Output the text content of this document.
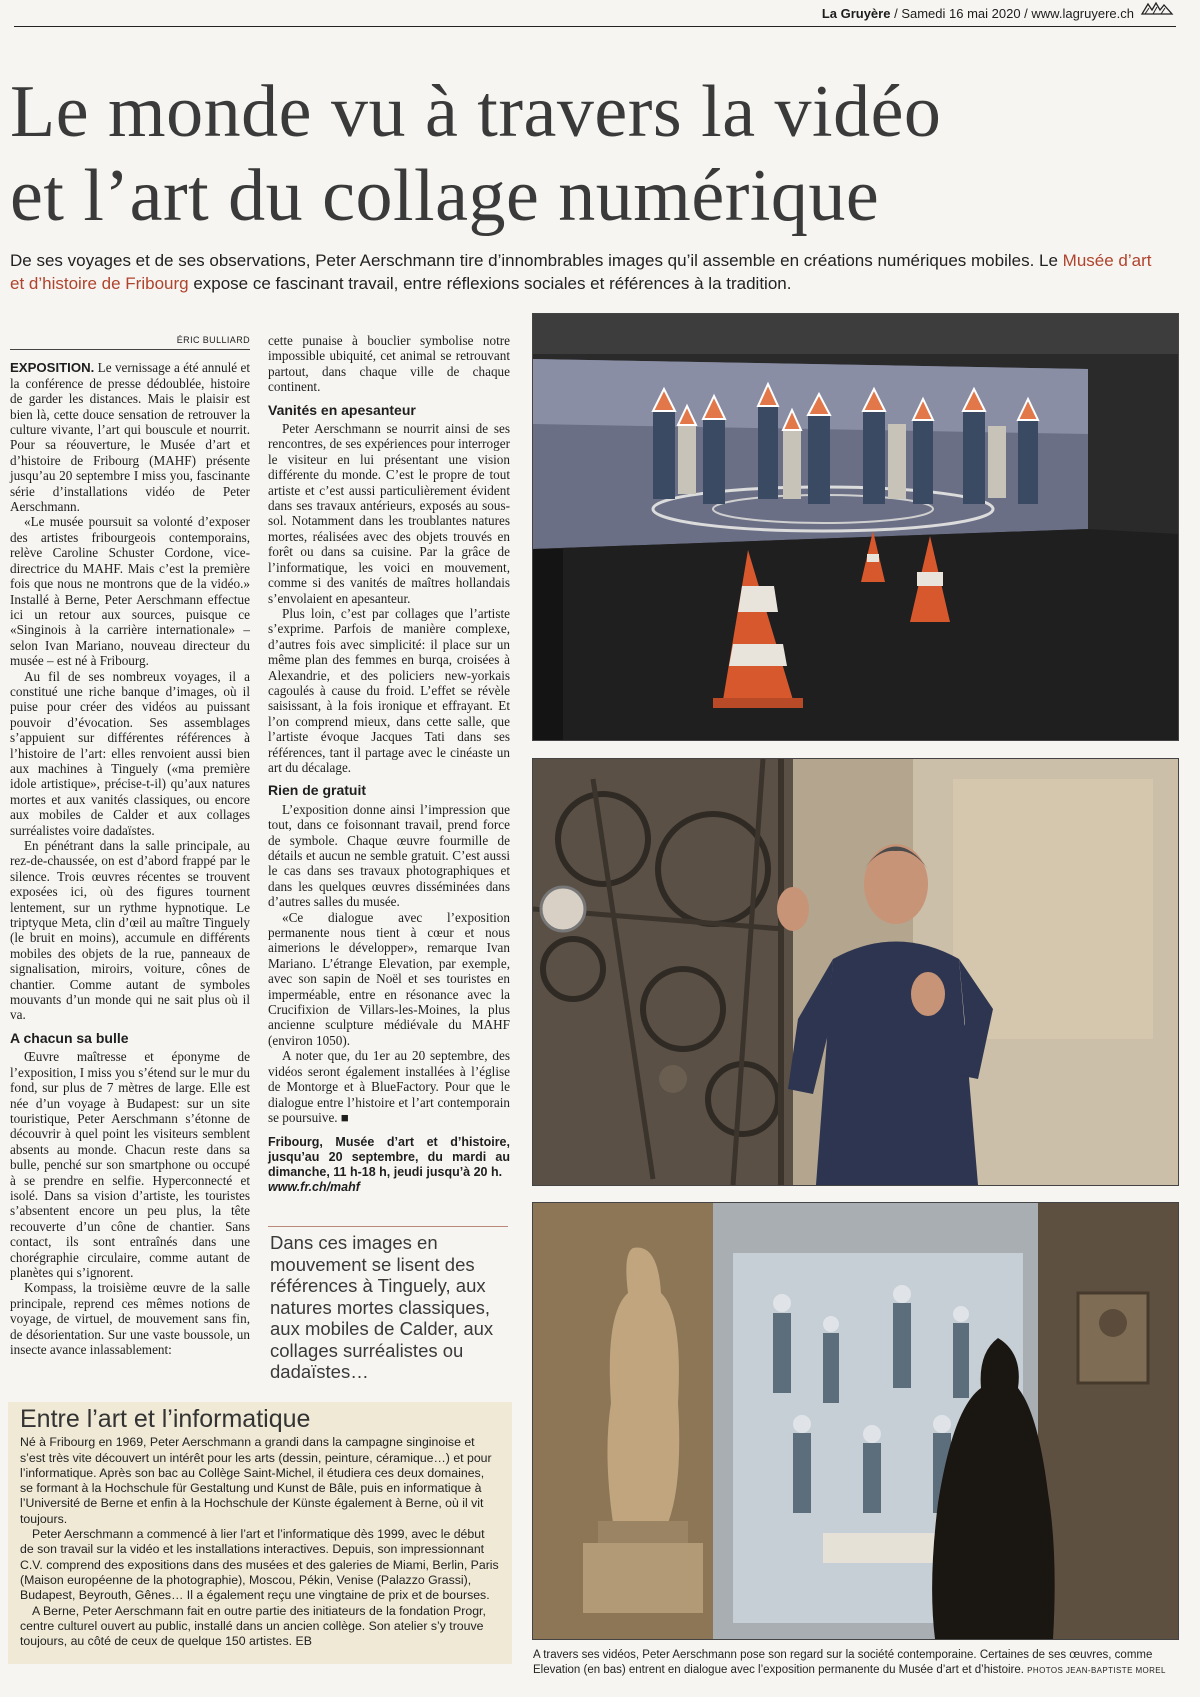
La Gruyère / Samedi 16 mai 2020 / www.lagruyere.ch
Le monde vu à travers la vidéo
et l’art du collage numérique
De ses voyages et de ses observations, Peter Aerschmann tire d’innombrables images qu’il assemble en créations numériques mobiles. Le Musée d’art et d’histoire de Fribourg expose ce fascinant travail, entre réflexions sociales et références à la tradition.
ÉRIC BULLIARD

EXPOSITION. Le vernissage a été annulé et la conférence de presse dédoublée, histoire de garder les distances. Mais le plaisir est bien là, cette douce sensation de retrouver la culture vivante, l’art qui bouscule et nourrit. Pour sa réouverture, le Musée d’art et d’histoire de Fribourg (MAHF) présente jusqu’au 20 septembre I miss you, fascinante série d’installations vidéo de Peter Aerschmann.

«Le musée poursuit sa volonté d’exposer des artistes fribourgeois contemporains, relève Caroline Schuster Cordone, vice-directrice du MAHF. Mais c’est la première fois que nous ne montrons que de la vidéo.» Installé à Berne, Peter Aerschmann effectue ici un retour aux sources, puisque ce «Singinois à la carrière internationale» – selon Ivan Mariano, nouveau directeur du musée – est né à Fribourg.

Au fil de ses nombreux voyages, il a constitué une riche banque d’images, où il puise pour créer des vidéos au puissant pouvoir d’évocation. Ses assemblages s’appuient sur différentes références à l’histoire de l’art: elles renvoient aussi bien aux machines à Tinguely («ma première idole artistique», précise-t-il) qu’aux natures mortes et aux vanités classiques, ou encore aux mobiles de Calder et aux collages surréalistes voire dadaïstes.

En pénétrant dans la salle principale, au rez-de-chaussée, on est d’abord frappé par le silence. Trois œuvres récentes se trouvent exposées ici, où des figures tournent lentement, sur un rythme hypnotique. Le triptyque Meta, clin d’œil au maître Tinguely (le bruit en moins), accumule en différents mobiles des objets de la rue, panneaux de signalisation, miroirs, voiture, cônes de chantier. Comme autant de symboles mouvants d’un monde qui ne sait plus où il va.

A chacun sa bulle

Œuvre maîtresse et éponyme de l’exposition, I miss you s’étend sur le mur du fond, sur plus de 7 mètres de large. Elle est née d’un voyage à Budapest: sur un site touristique, Peter Aerschmann s’étonne de découvrir à quel point les visiteurs semblent absents au monde. Chacun reste dans sa bulle, penché sur son smartphone ou occupé à se prendre en selfie. Hyperconnecté et isolé. Dans sa vision d’artiste, les touristes s’absentent encore un peu plus, la tête recouverte d’un cône de chantier. Sans contact, ils sont entraînés dans une chorégraphie circulaire, comme autant de planètes qui s’ignorent.

Kompass, la troisième œuvre de la salle principale, reprend ces mêmes notions de voyage, de virtuel, de mouvement sans fin, de désorientation. Sur une vaste boussole, un insecte avance inlassablement:

cette punaise à bouclier symbolise notre impossible ubiquité, cet animal se retrouvant partout, dans chaque ville de chaque continent.

Vanités en apesanteur

Peter Aerschmann se nourrit ainsi de ses rencontres, de ses expériences pour interroger le visiteur en lui présentant une vision différente du monde. C’est le propre de tout artiste et c’est aussi particulièrement évident dans ses travaux antérieurs, exposés au sous-sol. Notamment dans les troublantes natures mortes, réalisées avec des objets trouvés en forêt ou dans sa cuisine. Par la grâce de l’informatique, les voici en mouvement, comme si des vanités de maîtres hollandais s’envolaient en apesanteur.

Plus loin, c’est par collages que l’artiste s’exprime. Parfois de manière complexe, d’autres fois avec simplicité: il place sur un même plan des femmes en burqa, croisées à Alexandrie, et des policiers new-yorkais cagoulés à cause du froid. L’effet se révèle saisissant, à la fois ironique et effrayant. Et l’on comprend mieux, dans cette salle, que l’artiste évoque Jacques Tati dans ses références, tant il partage avec le cinéaste un art du décalage.

Rien de gratuit

L’exposition donne ainsi l’impression que tout, dans ce foisonnant travail, prend force de symbole. Chaque œuvre fourmille de détails et aucun ne semble gratuit. C’est aussi le cas dans ses travaux photographiques et dans les quelques œuvres disséminées dans d’autres salles du musée.

«Ce dialogue avec l’exposition permanente nous tient à cœur et nous aimerions le développer», remarque Ivan Mariano. L’étrange Elevation, par exemple, avec son sapin de Noël et ses touristes en imperméable, entre en résonance avec la Crucifixion de Villars-les-Moines, la plus ancienne sculpture médiévale du MAHF (environ 1050).

A noter que, du 1er au 20 septembre, des vidéos seront également installées à l’église de Montorge et à BlueFactory. Pour que le dialogue entre l’histoire et l’art contemporain se poursuive. ■

Fribourg, Musée d’art et d’histoire, jusqu’au 20 septembre, du mardi au dimanche, 11 h-18 h, jeudi jusqu’à 20 h.
www.fr.ch/mahf
Dans ces images en mouvement se lisent des références à Tinguely, aux natures mortes classiques, aux mobiles de Calder, aux collages surréalistes ou dadaïstes…
Entre l’art et l’informatique

Né à Fribourg en 1969, Peter Aerschmann a grandi dans la campagne singinoise et s’est très vite découvert un intérêt pour les arts (dessin, peinture, céramique…) et pour l’informatique. Après son bac au Collège Saint-Michel, il étudiera ces deux domaines, se formant à la Hochschule für Gestaltung und Kunst de Bâle, puis en informatique à l’Université de Berne et enfin à la Hochschule der Künste également à Berne, où il vit toujours.

Peter Aerschmann a commencé à lier l’art et l’informatique dès 1999, avec le début de son travail sur la vidéo et les installations interactives. Depuis, son impressionnant C.V. comprend des expositions dans des musées et des galeries de Miami, Berlin, Paris (Maison européenne de la photographie), Moscou, Pékin, Venise (Palazzo Grassi), Budapest, Beyrouth, Gênes… Il a également reçu une vingtaine de prix et de bourses.

A Berne, Peter Aerschmann fait en outre partie des initiateurs de la fondation Progr, centre culturel ouvert au public, installé dans un ancien collège. Son atelier s’y trouve toujours, au côté de ceux de quelque 150 artistes. EB

A travers ses vidéos, Peter Aerschmann pose son regard sur la société contemporaine. Certaines de ses œuvres, comme Elevation (en bas) entrent en dialogue avec l’exposition permanente du Musée d’art et d’histoire. PHOTOS JEAN-BAPTISTE MOREL
